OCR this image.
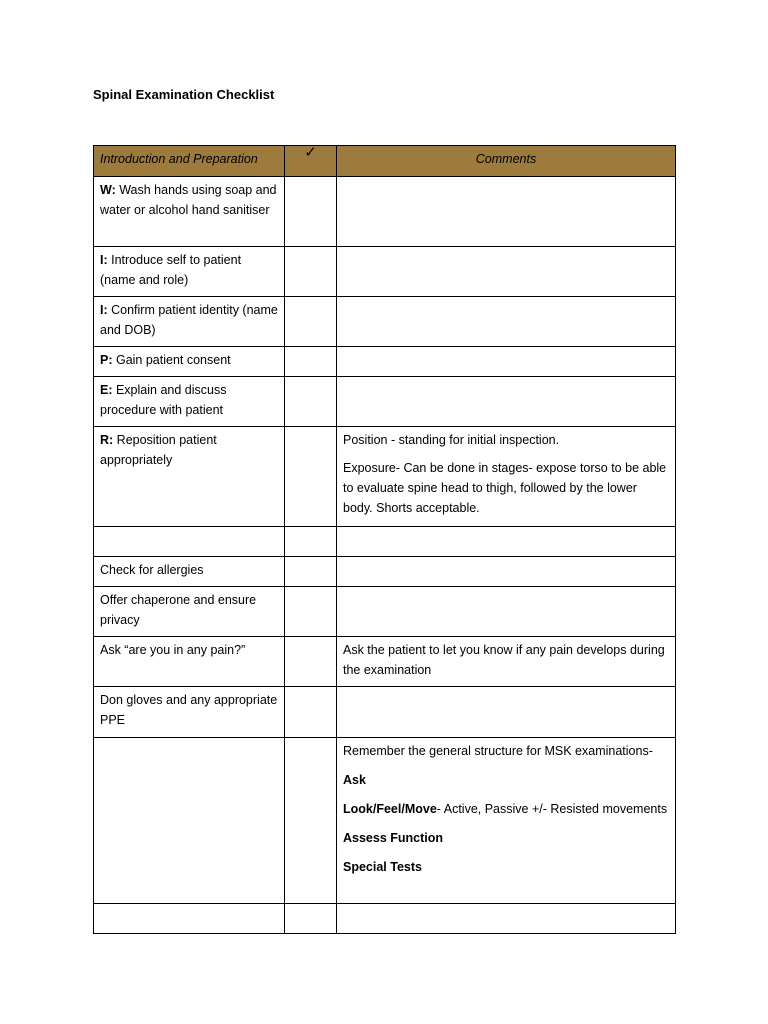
Spinal Examination Checklist
Introduction and Preparation	✓	Comments
W: Wash hands using soap and water or alcohol hand sanitiser		
I: Introduce self to patient (name and role)		
I: Confirm patient identity (name and DOB)		
P: Gain patient consent		
E: Explain and discuss procedure with patient		
R: Reposition patient appropriately		Position - standing for initial inspection.

Exposure- Can be done in stages- expose torso to be able to evaluate spine head to thigh, followed by the lower body. Shorts acceptable.

Check for allergies		
Offer chaperone and ensure privacy		
Ask “are you in any pain?”		Ask the patient to let you know if any pain develops during the examination
Don gloves and any appropriate PPE		

		Remember the general structure for MSK examinations-

Ask

Look/Feel/Move- Active, Passive +/- Resisted movements

Assess Function

Special Tests
